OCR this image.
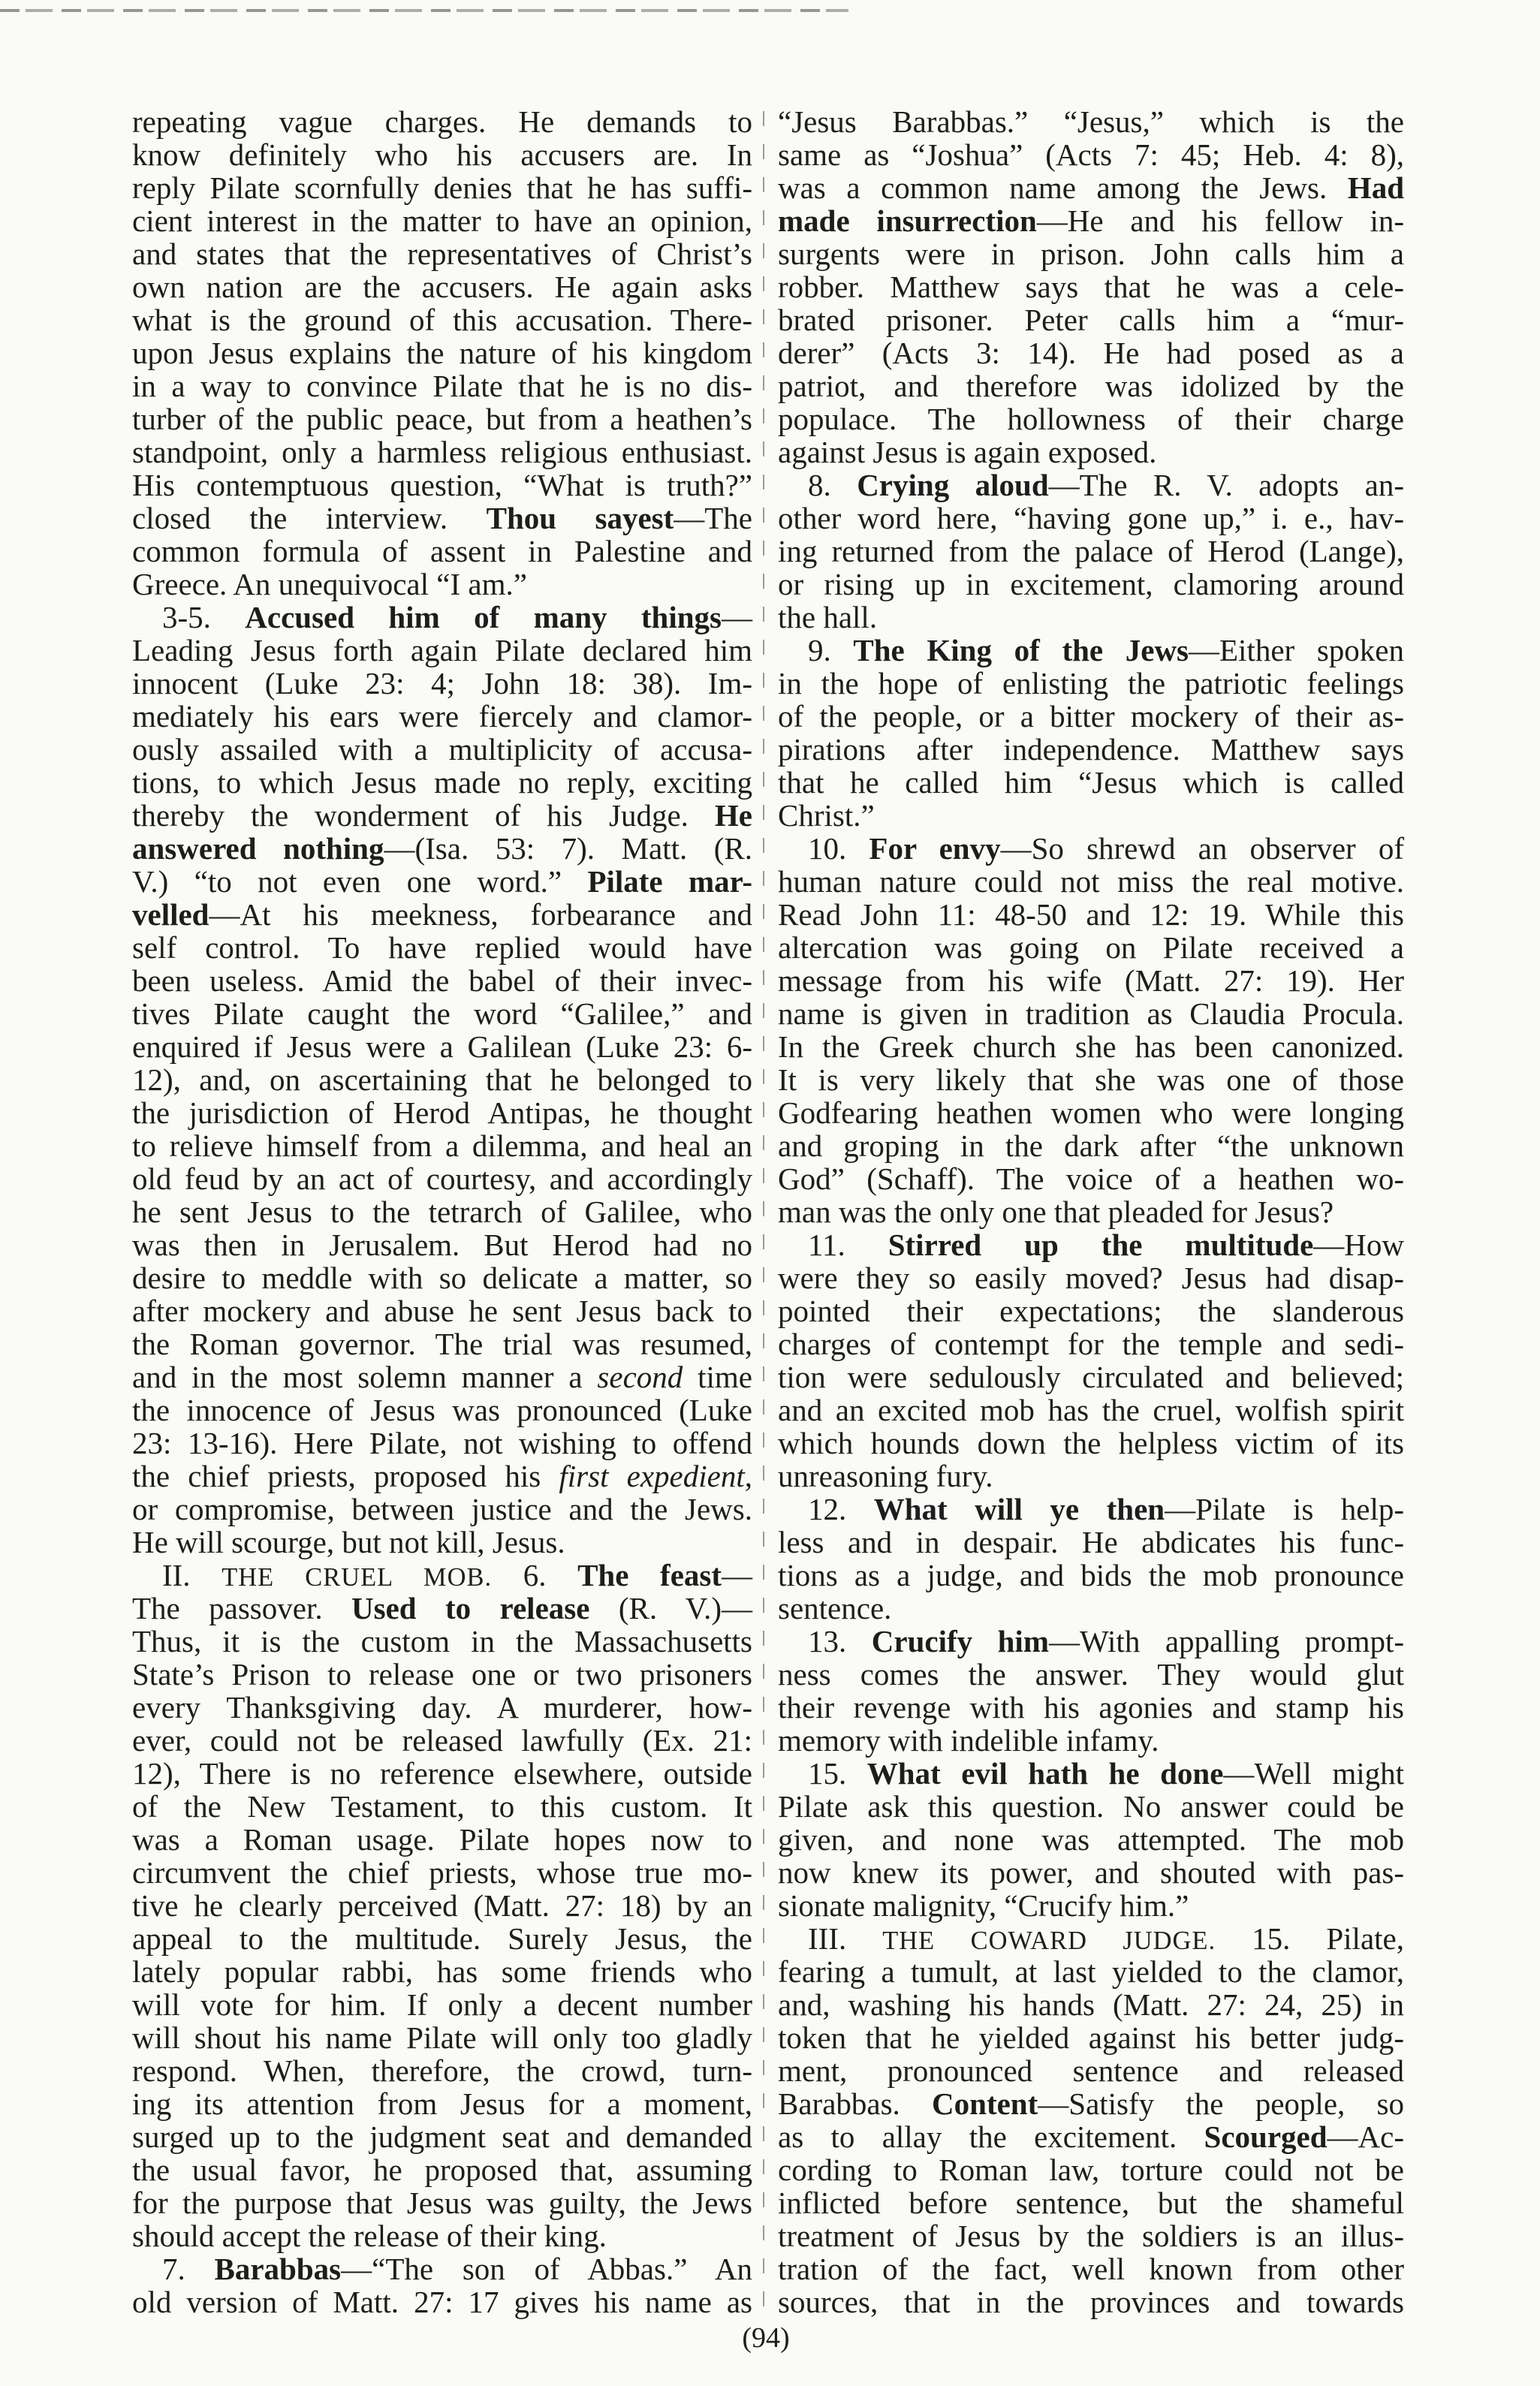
repeating vague charges. He demands to
know definitely who his accusers are. In
reply Pilate scornfully denies that he has suffi-
cient interest in the matter to have an opinion,
and states that the representatives of Christ’s
own nation are the accusers. He again asks
what is the ground of this accusation. There-
upon Jesus explains the nature of his kingdom
in a way to convince Pilate that he is no dis-
turber of the public peace, but from a heathen’s
standpoint, only a harmless religious enthusiast.
His contemptuous question, “What is truth?”
closed the interview. Thou sayest—The
common formula of assent in Palestine and
Greece. An unequivocal “I am.”
3-5. Accused him of many things—
Leading Jesus forth again Pilate declared him
innocent (Luke 23: 4; John 18: 38). Im-
mediately his ears were fiercely and clamor-
ously assailed with a multiplicity of accusa-
tions, to which Jesus made no reply, exciting
thereby the wonderment of his Judge. He
answered nothing—(Isa. 53: 7). Matt. (R.
V.) “to not even one word.” Pilate mar-
velled—At his meekness, forbearance and
self control. To have replied would have
been useless. Amid the babel of their invec-
tives Pilate caught the word “Galilee,” and
enquired if Jesus were a Galilean (Luke 23: 6-
12), and, on ascertaining that he belonged to
the jurisdiction of Herod Antipas, he thought
to relieve himself from a dilemma, and heal an
old feud by an act of courtesy, and accordingly
he sent Jesus to the tetrarch of Galilee, who
was then in Jerusalem. But Herod had no
desire to meddle with so delicate a matter, so
after mockery and abuse he sent Jesus back to
the Roman governor. The trial was resumed,
and in the most solemn manner a second time
the innocence of Jesus was pronounced (Luke
23: 13-16). Here Pilate, not wishing to offend
the chief priests, proposed his first expedient,
or compromise, between justice and the Jews.
He will scourge, but not kill, Jesus.
II. THE CRUEL MOB. 6. The feast—
The passover. Used to release (R. V.)—
Thus, it is the custom in the Massachusetts
State’s Prison to release one or two prisoners
every Thanksgiving day. A murderer, how-
ever, could not be released lawfully (Ex. 21:
12), There is no reference elsewhere, outside
of the New Testament, to this custom. It
was a Roman usage. Pilate hopes now to
circumvent the chief priests, whose true mo-
tive he clearly perceived (Matt. 27: 18) by an
appeal to the multitude. Surely Jesus, the
lately popular rabbi, has some friends who
will vote for him. If only a decent number
will shout his name Pilate will only too gladly
respond. When, therefore, the crowd, turn-
ing its attention from Jesus for a moment,
surged up to the judgment seat and demanded
the usual favor, he proposed that, assuming
for the purpose that Jesus was guilty, the Jews
should accept the release of their king.
7. Barabbas—“The son of Abbas.” An
old version of Matt. 27: 17 gives his name as
“Jesus Barabbas.” “Jesus,” which is the
same as “Joshua” (Acts 7: 45; Heb. 4: 8),
was a common name among the Jews. Had
made insurrection—He and his fellow in-
surgents were in prison. John calls him a
robber. Matthew says that he was a cele-
brated prisoner. Peter calls him a “mur-
derer” (Acts 3: 14). He had posed as a
patriot, and therefore was idolized by the
populace. The hollowness of their charge
against Jesus is again exposed.
8. Crying aloud—The R. V. adopts an-
other word here, “having gone up,” i. e., hav-
ing returned from the palace of Herod (Lange),
or rising up in excitement, clamoring around
the hall.
9. The King of the Jews—Either spoken
in the hope of enlisting the patriotic feelings
of the people, or a bitter mockery of their as-
pirations after independence. Matthew says
that he called him “Jesus which is called
Christ.”
10. For envy—So shrewd an observer of
human nature could not miss the real motive.
Read John 11: 48-50 and 12: 19. While this
altercation was going on Pilate received a
message from his wife (Matt. 27: 19). Her
name is given in tradition as Claudia Procula.
In the Greek church she has been canonized.
It is very likely that she was one of those
Godfearing heathen women who were longing
and groping in the dark after “the unknown
God” (Schaff). The voice of a heathen wo-
man was the only one that pleaded for Jesus?
11. Stirred up the multitude—How
were they so easily moved? Jesus had disap-
pointed their expectations; the slanderous
charges of contempt for the temple and sedi-
tion were sedulously circulated and believed;
and an excited mob has the cruel, wolfish spirit
which hounds down the helpless victim of its
unreasoning fury.
12. What will ye then—Pilate is help-
less and in despair. He abdicates his func-
tions as a judge, and bids the mob pronounce
sentence.
13. Crucify him—With appalling prompt-
ness comes the answer. They would glut
their revenge with his agonies and stamp his
memory with indelible infamy.
15. What evil hath he done—Well might
Pilate ask this question. No answer could be
given, and none was attempted. The mob
now knew its power, and shouted with pas-
sionate malignity, “Crucify him.”
III. THE COWARD JUDGE. 15. Pilate,
fearing a tumult, at last yielded to the clamor,
and, washing his hands (Matt. 27: 24, 25) in
token that he yielded against his better judg-
ment, pronounced sentence and released
Barabbas. Content—Satisfy the people, so
as to allay the excitement. Scourged—Ac-
cording to Roman law, torture could not be
inflicted before sentence, but the shameful
treatment of Jesus by the soldiers is an illus-
tration of the fact, well known from other
sources, that in the provinces and towards
(94)
